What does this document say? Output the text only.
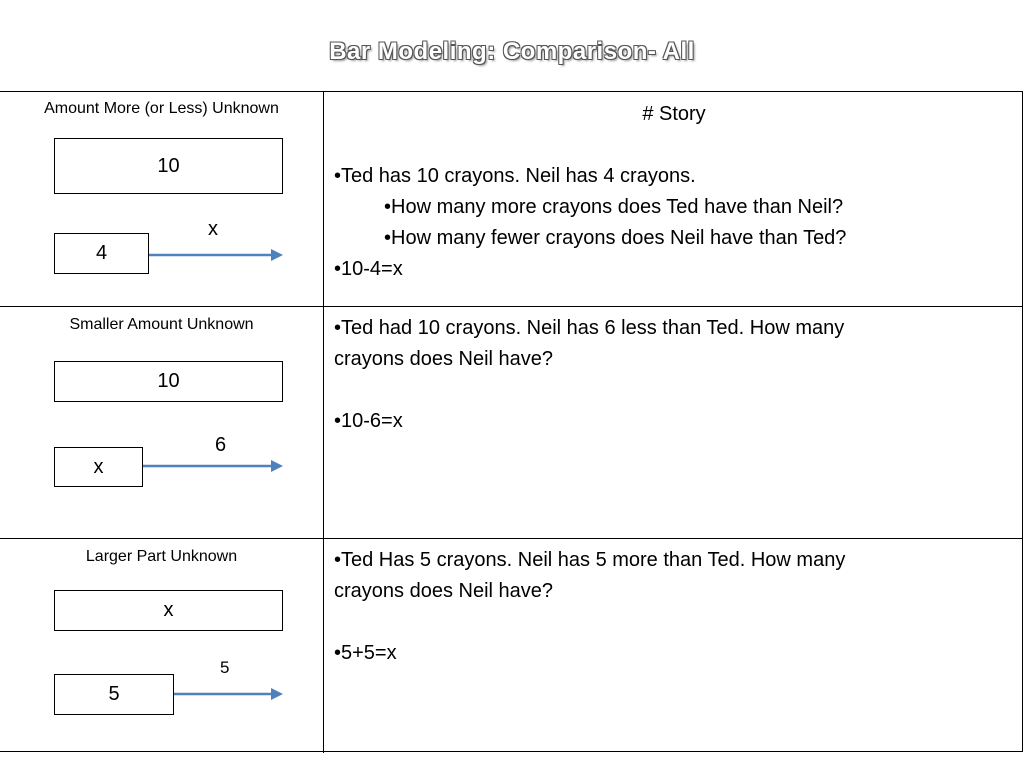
Bar Modeling: Comparison- All
Amount More (or Less) Unknown
10
4
x
# Story
•Ted has 10 crayons. Neil has 4 crayons.
•How many more crayons does Ted have than Neil?
•How many fewer crayons does Neil have than Ted?
•10-4=x
Smaller Amount Unknown
10
x
6
•Ted had 10 crayons. Neil has 6 less than Ted. How many
crayons does Neil have?
•10-6=x
Larger Part Unknown
x
5
5
•Ted Has 5 crayons. Neil has 5 more than Ted. How many
crayons does Neil have?
•5+5=x
